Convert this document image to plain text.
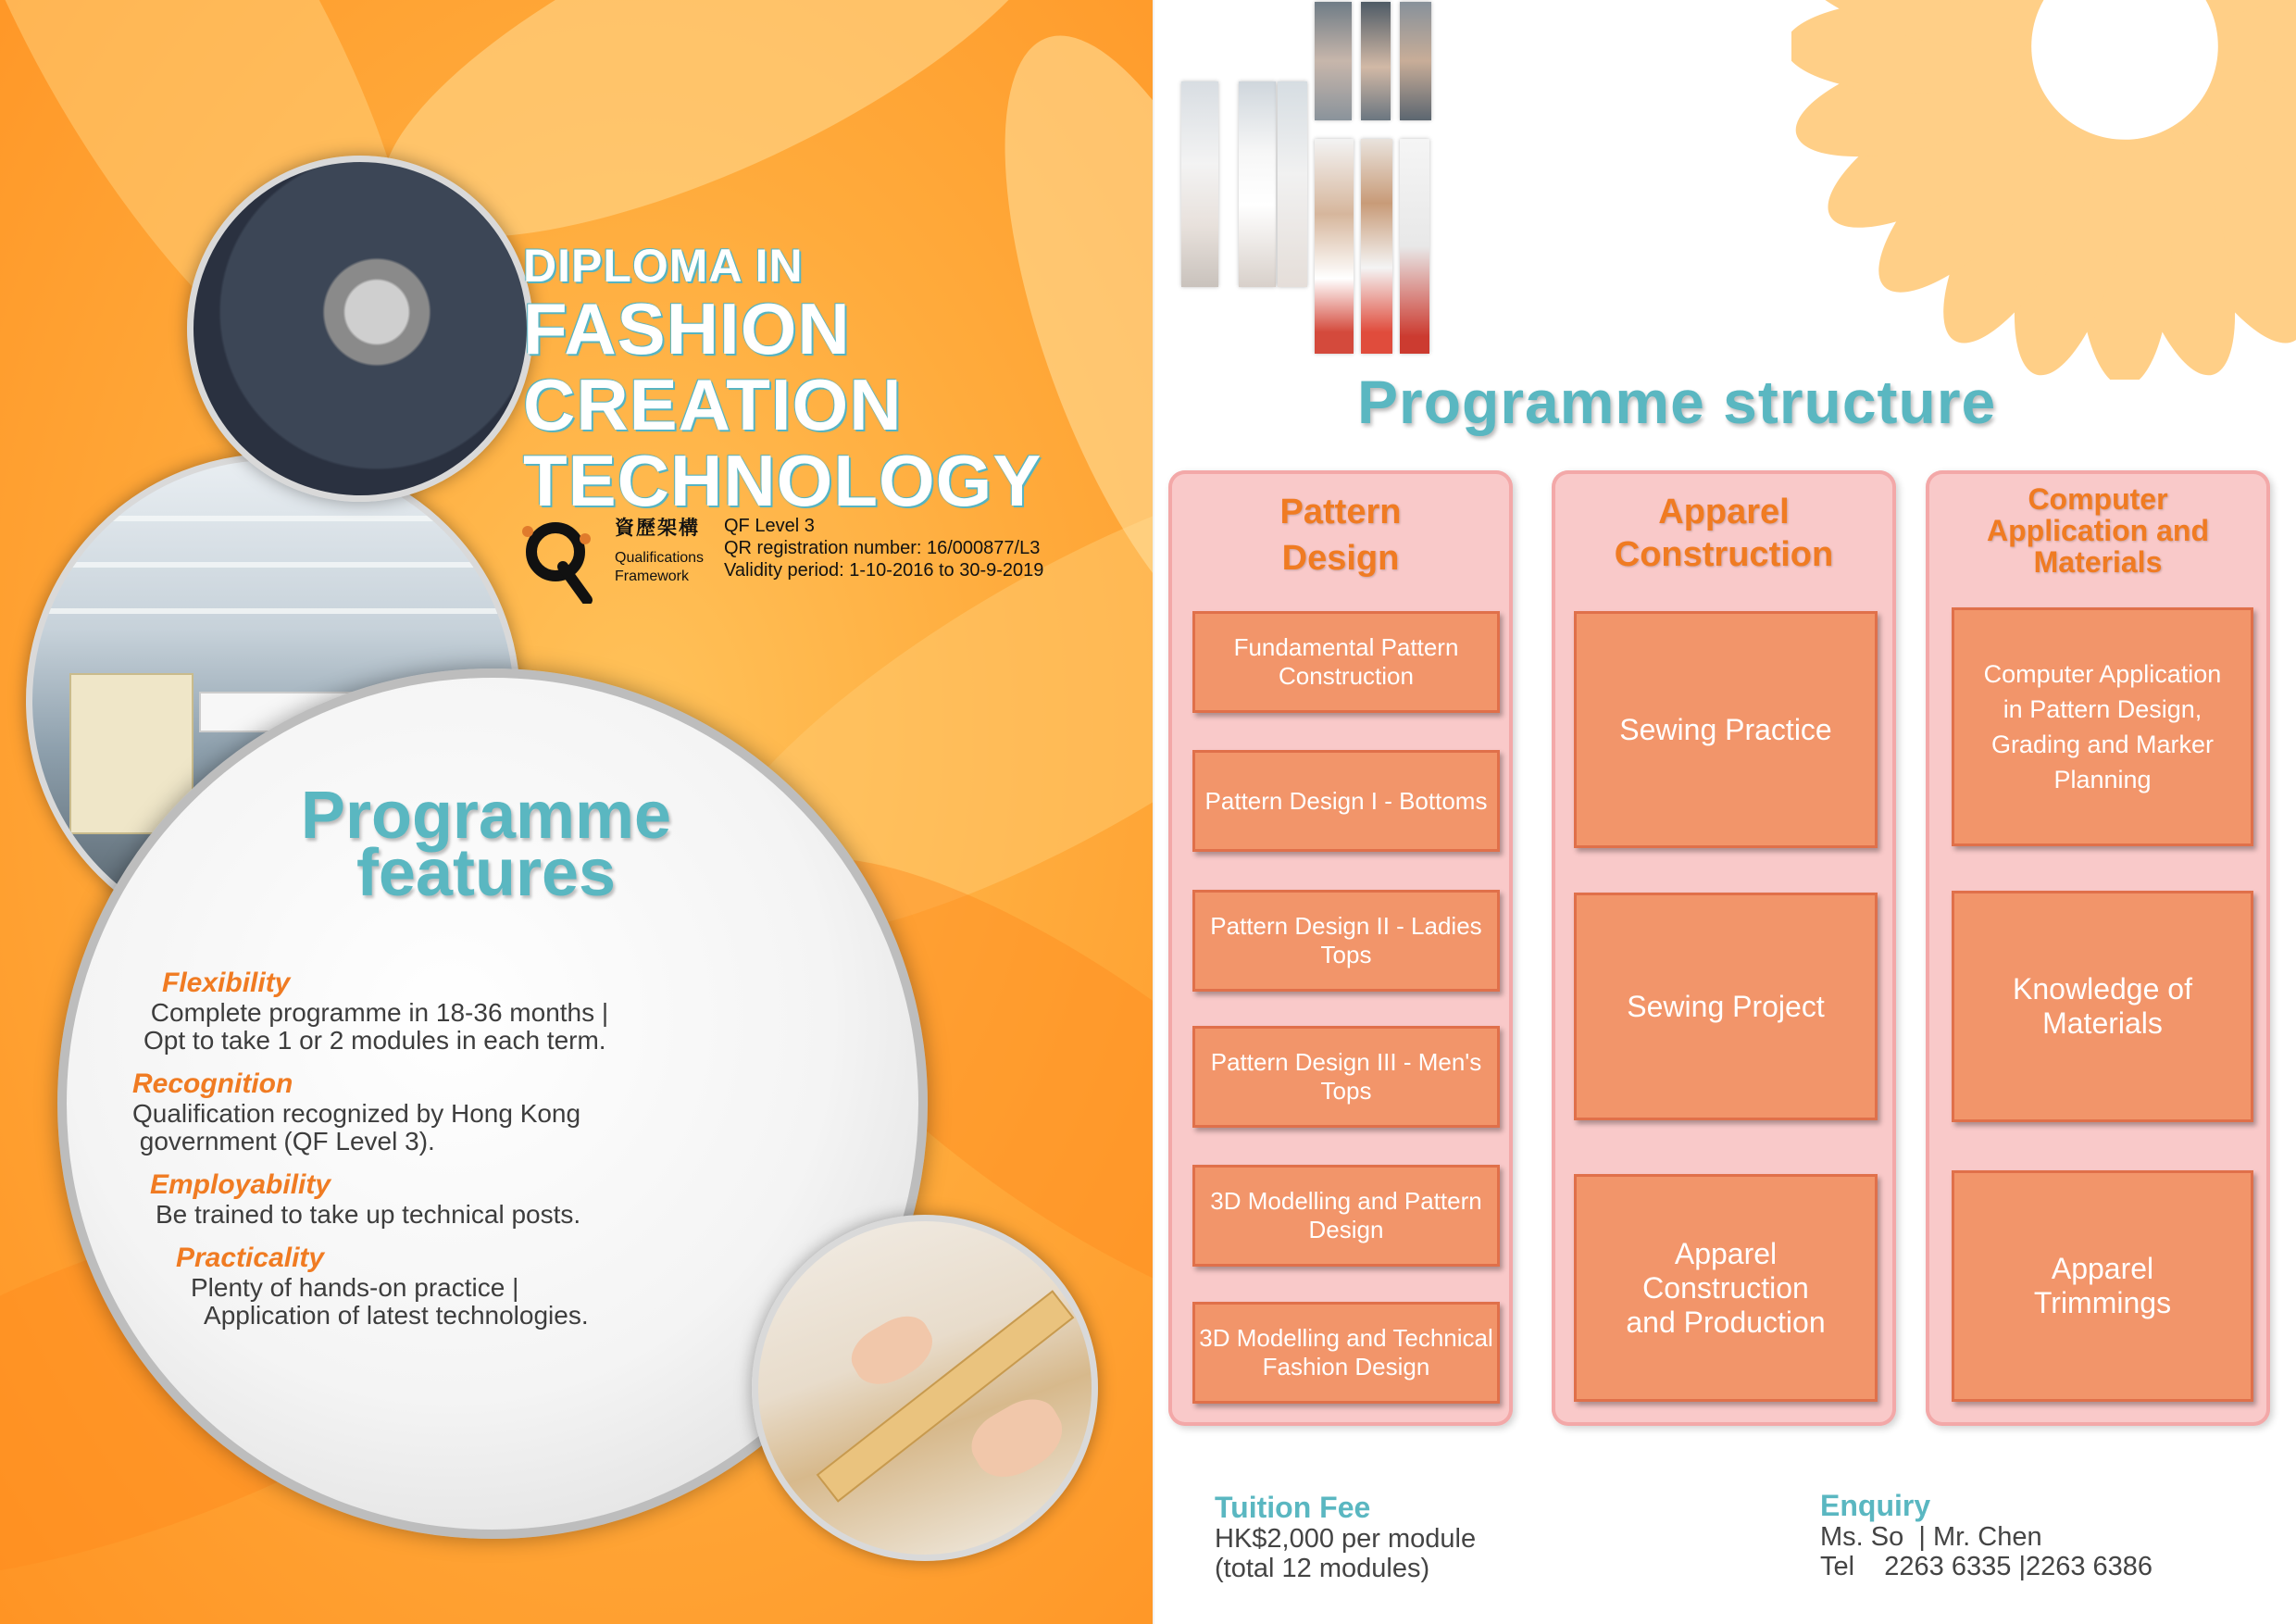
DIPLOMA IN
FASHION
CREATION
TECHNOLOGY
資歷架構
Qualifications
Framework
QF Level 3
QR registration number: 16/000877/L3
Validity period: 1-10-2016 to 30-9-2019
Programme
features
Flexibility
Complete programme in 18-36 months |
Opt to take 1 or 2 modules in each term.
Recognition
Qualification recognized by Hong Kong
government (QF Level 3).
Employability
Be trained to take up technical posts.
Practicality
Plenty of hands-on practice |
Application of latest technologies.
Programme structure
Pattern
Design
Fundamental Pattern Construction
Pattern Design I - Bottoms
Pattern Design II - Ladies Tops
Pattern Design III - Men's Tops
3D Modelling and Pattern Design
3D Modelling and Technical Fashion Design
Apparel
Construction
Sewing Practice
Sewing Project
Apparel Construction and Production
Computer
Application and
Materials
Computer Application in Pattern Design, Grading and Marker Planning
Knowledge of Materials
Apparel Trimmings
Tuition Fee
HK$2,000 per module
(total 12 modules)
Enquiry
Ms. So  | Mr. Chen
Tel    2263 6335 |2263 6386
